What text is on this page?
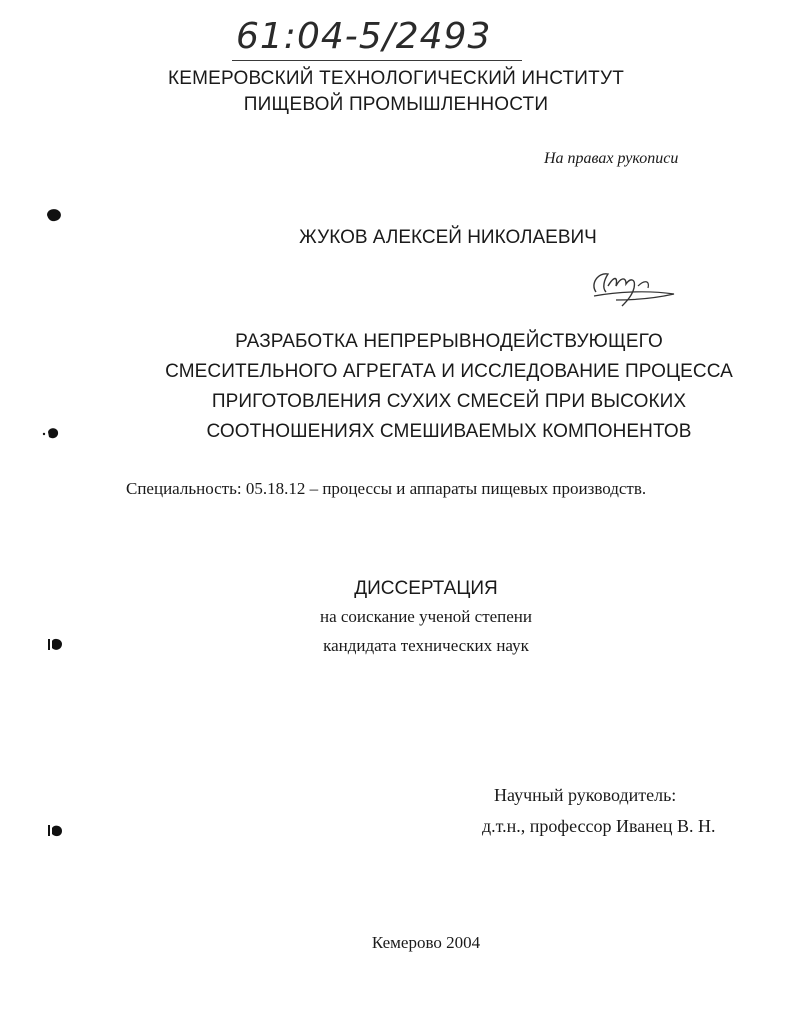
61:04-5/2493
КЕМЕРОВСКИЙ ТЕХНОЛОГИЧЕСКИЙ ИНСТИТУТ
ПИЩЕВОЙ ПРОМЫШЛЕННОСТИ
На правах рукописи
ЖУКОВ АЛЕКСЕЙ НИКОЛАЕВИЧ
РАЗРАБОТКА НЕПРЕРЫВНОДЕЙСТВУЮЩЕГО
СМЕСИТЕЛЬНОГО АГРЕГАТА И ИССЛЕДОВАНИЕ ПРОЦЕССА
ПРИГОТОВЛЕНИЯ СУХИХ СМЕСЕЙ ПРИ ВЫСОКИХ
СООТНОШЕНИЯХ СМЕШИВАЕМЫХ КОМПОНЕНТОВ
Специальность: 05.18.12 – процессы и аппараты пищевых производств.
ДИССЕРТАЦИЯ
на соискание ученой степени
кандидата технических наук
Научный руководитель:
д.т.н., профессор Иванец В. Н.
Кемерово 2004
